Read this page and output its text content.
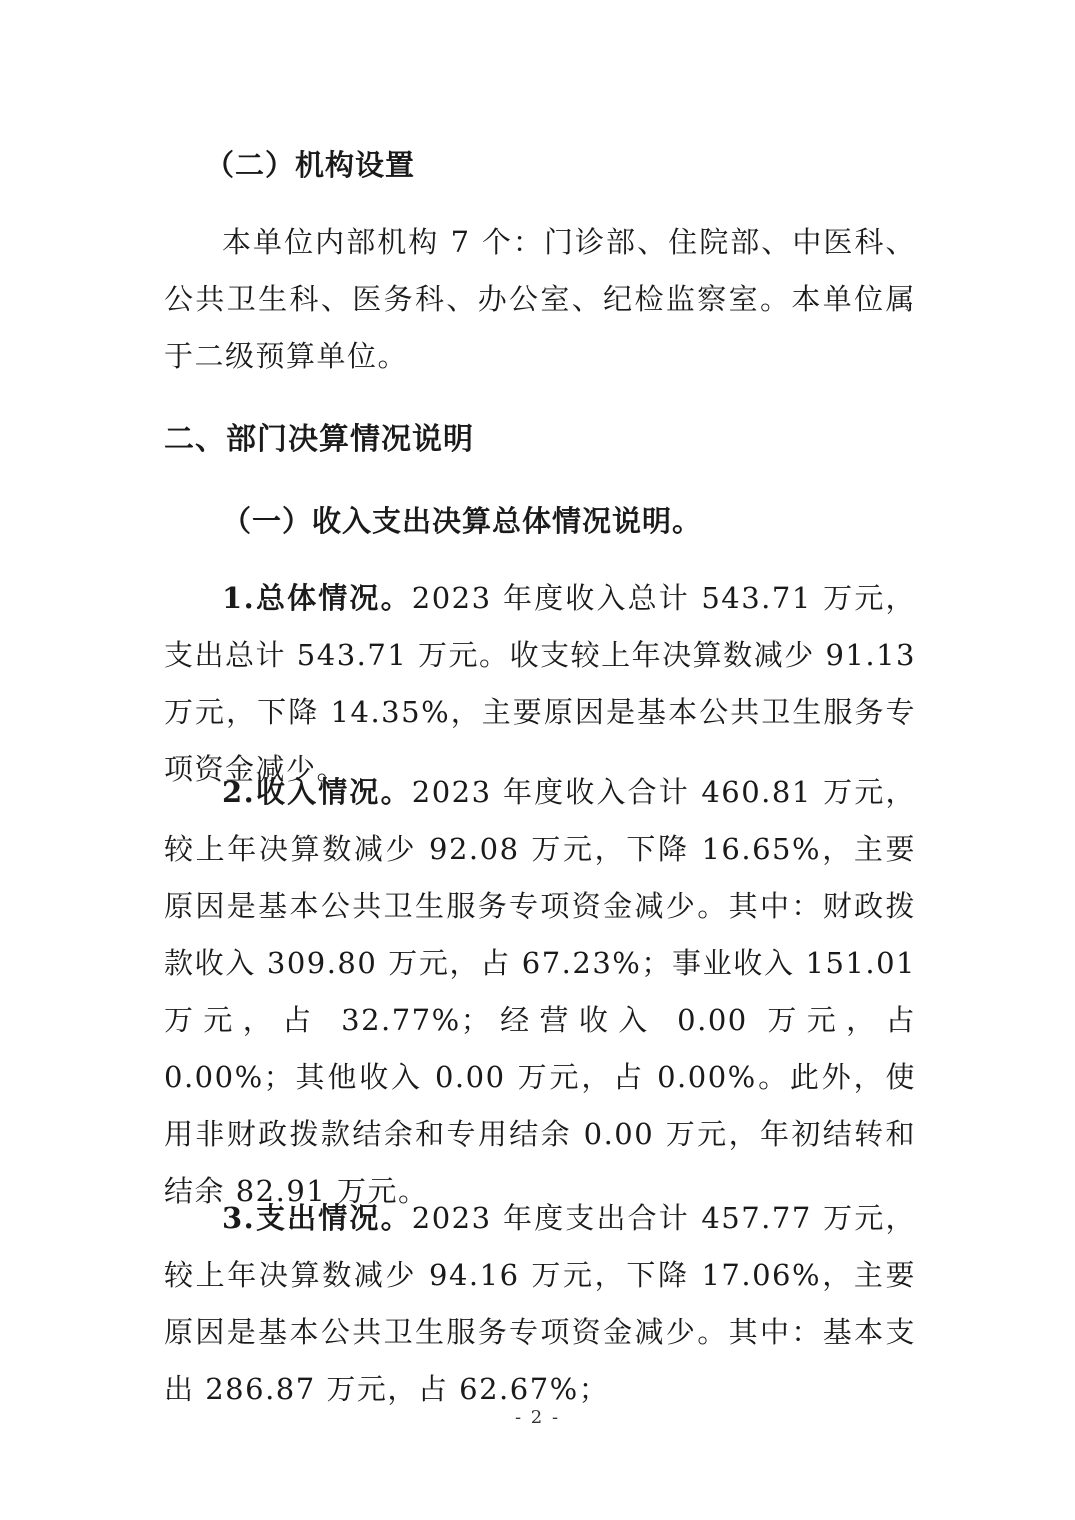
（二）机构设置

本单位内部机构 7 个：门诊部、住院部、中医科、公共卫生科、医务科、办公室、纪检监察室。本单位属于二级预算单位。

二、部门决算情况说明
（一）收入支出决算总体情况说明。

1.总体情况。2023 年度收入总计 543.71 万元，支出总计 543.71 万元。收支较上年决算数减少 91.13 万元，下降 14.35%，主要原因是基本公共卫生服务专项资金减少。

2.收入情况。2023 年度收入合计 460.81 万元，较上年决算数减少 92.08 万元，下降 16.65%，主要原因是基本公共卫生服务专项资金减少。其中：财政拨款收入 309.80 万元，占 67.23%；事业收入 151.01 万元，占 32.77%；经营收入 0.00 万元，占 0.00%；其他收入 0.00 万元，占 0.00%。此外，使用非财政拨款结余和专用结余 0.00 万元，年初结转和结余 82.91 万元。

3.支出情况。2023 年度支出合计 457.77 万元，较上年决算数减少 94.16 万元，下降 17.06%，主要原因是基本公共卫生服务专项资金减少。其中：基本支出 286.87 万元，占 62.67%；

- 2 -
